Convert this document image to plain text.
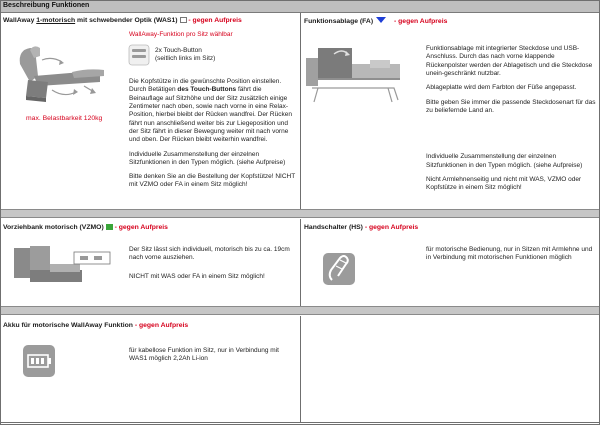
Beschreibung Funktionen
WallAway 1-motorisch mit schwebender Optik (WAS1) - gegen Aufpreis
WallAway-Funktion pro Sitz wählbar
2x Touch-Button
(seitlich links im Sitz)
max. Belastbarkeit 120kg

Die Kopfstütze in die gewünschte Position einstellen. Durch Betätigen des Touch-Buttons fährt die Beinauflage auf Sitzhöhe und der Sitz zusätzlich einige Zentimeter nach oben, sowie nach vorne in eine Relax-Position, hierbei bleibt der Rücken wandfrei. Der Rücken fährt nun anschließend weiter bis zur Liegeposition und der Sitz fährt in dieser Bewegung weiter mit nach vorne und oben. Der Rücken bleibt weiterhin wandfrei.

Individuelle Zusammenstellung der einzelnen Sitzfunktionen in den Typen möglich. (siehe Aufpreise)

Bitte denken Sie an die Bestellung der Kopfstütze! NICHT mit VZMO oder FA in einem Sitz möglich!

Funktionsablage (FA)	- gegen Aufpreis

Funktionsablage mit integrierter Steckdose und USB-Anschluss. Durch das nach vorne klappende Rückenpolster werden der Ablagetisch und die Steckdose unein-geschränkt nutzbar.

Ablageplatte wird dem Farbton der Füße angepasst.

Bitte geben Sie immer die passende Steckdosenart für das zu beliefernde Land an.

Individuelle Zusammenstellung der einzelnen Sitzfunktionen in den Typen möglich. (siehe Aufpreise)

Nicht Armlehnenseitig und nicht mit WAS, VZMO oder Kopfstütze in einem Sitz möglich!

Vorziehbank motorisch (VZMO) - gegen Aufpreis

Der Sitz lässt sich individuell, motorisch bis zu ca. 19cm nach vorne ausziehen.

NICHT mit WAS oder FA in einem Sitz möglich!

Handschalter (HS) - gegen Aufpreis
für motorische Bedienung, nur in Sitzen mit Armlehne und in Verbindung mit motorischen Funktionen möglich
Akku für motorische WallAway Funktion - gegen Aufpreis
für kabellose Funktion im Sitz, nur in Verbindung mit WAS1 möglich 2,2Ah Li-ion
